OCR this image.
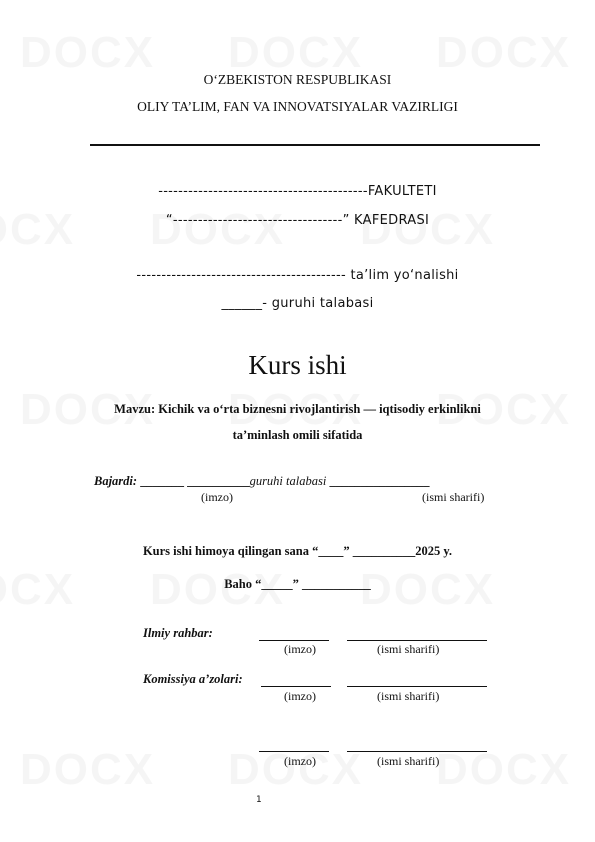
O‘ZBEKISTON RESPUBLIKASI
OLIY TA’LIM, FAN VA INNOVATSIYALAR VAZIRLIGI
------------------------------------------FAKULTETI
“----------------------------------” KAFEDRASI
------------------------------------------ ta’lim yo‘nalishi
______- guruhi talabasi
Kurs ishi
Mavzu: Kichik va o‘rta biznesni rivojlantirish — iqtisodiy erkinlikni
ta’minlash omili sifatida
Bajardi: _______ __________guruhi talabasi ________________
(imzo)	(ismi sharifi)
Kurs ishi himoya qilingan sana “____” __________2025 y.
Baho “_____” ___________
Ilmiy rahbar:
(imzo)	(ismi sharifi)
Komissiya a’zolari:
(imzo)	(ismi sharifi)
(imzo)	(ismi sharifi)
1
